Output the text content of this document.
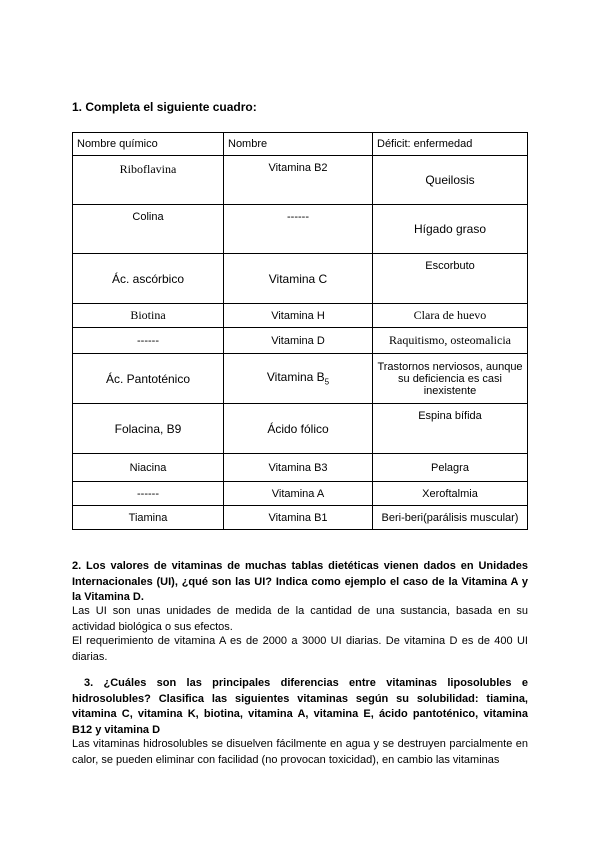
1. Completa el siguiente cuadro:
Nombre químico	Nombre	Déficit: enfermedad
Riboflavina	Vitamina B2	Queilosis
Colina	------	Hígado graso
Ác. ascórbico	Vitamina C	Escorbuto
Biotina	Vitamina H	Clara de huevo
------	Vitamina D	Raquitismo, osteomalicia
Ác. Pantoténico	Vitamina $B_5$	Trastornos nerviosos, aunque su deficiencia es casi inexistente
Folacina, B9	Ácido fólico	Espina bífida
Niacina	Vitamina B3	Pelagra
------	Vitamina A	Xeroftalmia
Tiamina	Vitamina B1	Beri-beri(parálisis muscular)
2. Los valores de vitaminas de muchas tablas dietéticas vienen dados en Unidades Internacionales (UI), ¿qué son las UI? Indica como ejemplo el caso de la Vitamina A y la Vitamina D.
Las UI son unas unidades de medida de la cantidad de una sustancia, basada en su actividad biológica o sus efectos.
El requerimiento de vitamina A es de 2000 a 3000 UI diarias. De vitamina D es de 400 UI diarias.
3. ¿Cuáles son las principales diferencias entre vitaminas liposolubles e hidrosolubles? Clasifica las siguientes vitaminas según su solubilidad: tiamina, vitamina C, vitamina K, biotina, vitamina A, vitamina E, ácido pantoténico, vitamina B12 y vitamina D
Las vitaminas hidrosolubles se disuelven fácilmente en agua y se destruyen parcialmente en calor, se pueden eliminar con facilidad (no provocan toxicidad), en cambio las vitaminas
